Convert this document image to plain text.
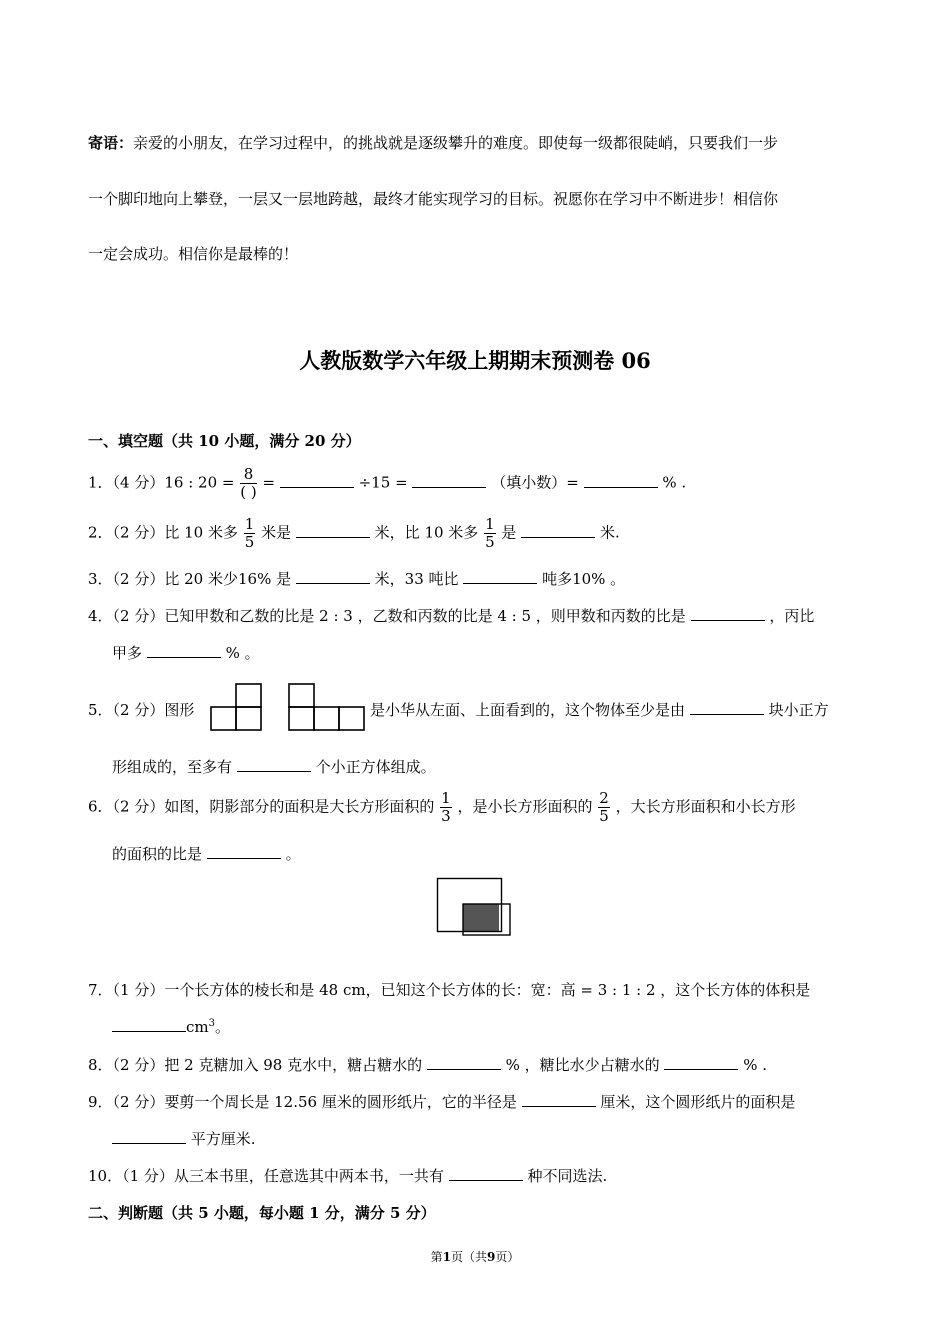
寄语：亲爱的小朋友，在学习过程中，的挑战就是逐级攀升的难度。即使每一级都很陡峭，只要我们一步
一个脚印地向上攀登，一层又一层地跨越，最终才能实现学习的目标。祝愿你在学习中不断进步！相信你
一定会成功。相信你是最棒的！
人教版数学六年级上期期末预测卷 06
一、填空题（共 10 小题，满分 20 分）
1．（4 分）16 : $20 = \frac{8}{( )}$ =	÷15 =	（填小数）=	% .
2．（2 分）比 10 米多 $\frac{1}{5}$ 米是	米，比 10 米多 $\frac{1}{5}$ 是	米.
3．（2 分）比 20 米少16% 是	米，33 吨比	吨多10% 。
4．（2 分）已知甲数和乙数的比是 2 : 3 ，乙数和丙数的比是 4 : 5 ，则甲数和丙数的比是	，丙比
甲多	% 。
5．（2 分）图形	是小华从左面、上面看到的，这个物体至少是由	块小正方
形组成的，至多有	个小正方体组成。
6．（2 分）如图，阴影部分的面积是大长方形面积的 $\frac{1}{3}$ ，是小长方形面积的 $\frac{2}{5}$ ，大长方形面积和小长方形
的面积的比是	。
7．（1 分）一个长方体的棱长和是 48 cm，已知这个长方体的长：宽：高 = 3 : 1 : 2 ，这个长方体的体积是
$cm^3$。
8．（2 分）把 2 克糖加入 98 克水中，糖占糖水的	% ，糖比水少占糖水的	% .
9．（2 分）要剪一个周长是 12.56 厘米的圆形纸片，它的半径是	厘米，这个圆形纸片的面积是
平方厘米.
10．（1 分）从三本书里，任意选其中两本书，一共有	种不同选法.
二、判断题（共 5 小题，每小题 1 分，满分 5 分）
第1页（共9页）
